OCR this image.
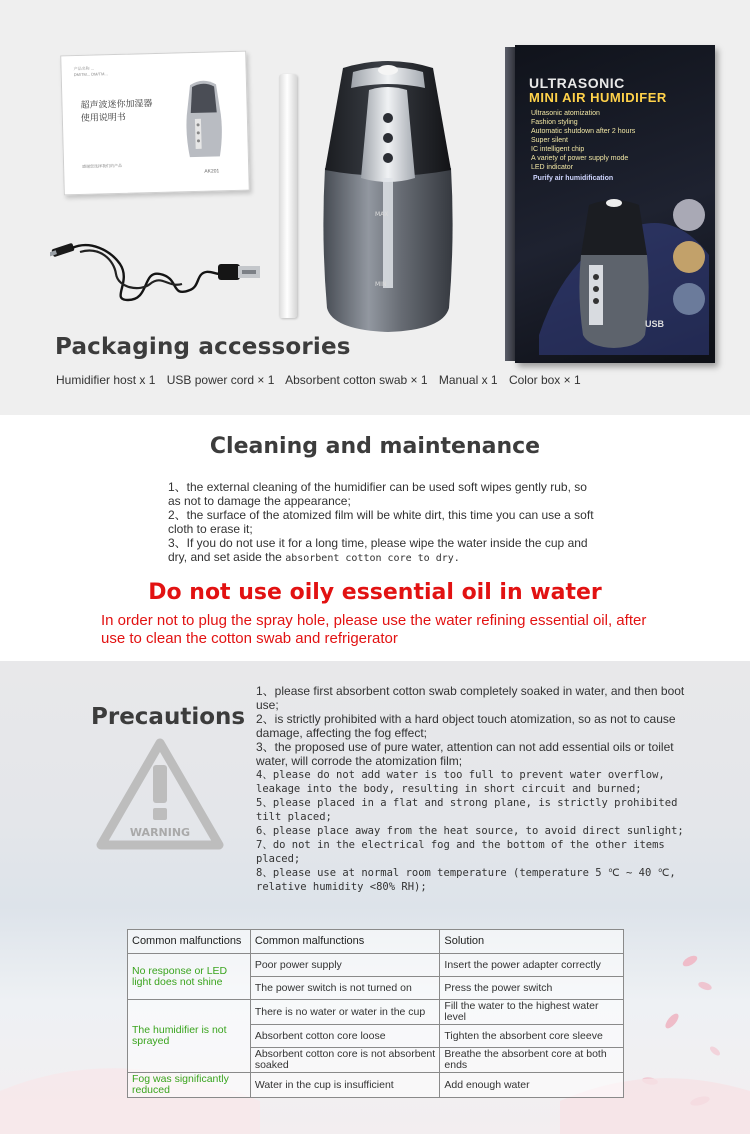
产品名称 ...
DM/TM... DM/TM...
超声波迷你加湿器
使用说明书
感谢您选择我们的产品
AK201
MAX
MIN
ULTRASONIC
MINI AIR HUMIDIFER
Ultrasonic atomization
Fashion styling
Automatic shutdown after 2 hours
Super silent
IC intelligent chip
A variety of power supply mode
LED indicator
Purify air humidification
USB
Packaging accessories
Humidifier host x 1 USB power cord × 1 Absorbent cotton swab × 1 Manual x 1 Color box × 1
Cleaning and maintenance
1、the external cleaning of the humidifier can be used soft wipes gently rub, so as not to damage the appearance;
2、the surface of the atomized film will be white dirt, this time you can use a soft cloth to erase it;
3、If you do not use it for a long time, please wipe the water inside the cup and dry, and set aside the absorbent cotton core to dry.
Do not use oily essential oil in water
In order not to plug the spray hole, please use the water refining essential oil, after use to clean the cotton swab and refrigerator
Precautions
WARNING
1、please first absorbent cotton swab completely soaked in water, and then boot use;
2、is strictly prohibited with a hard object touch atomization, so as not to cause damage, affecting the fog effect;
3、the proposed use of pure water, attention can not add essential oils or toilet water, will corrode the atomization film;
4、please do not add water is too full to prevent water overflow, leakage into the body, resulting in short circuit and burned;
5、please placed in a flat and strong plane, is strictly prohibited tilt placed;
6、please place away from the heat source, to avoid direct sunlight;
7、do not in the electrical fog and the bottom of the other items placed;
8、please use at normal room temperature (temperature 5 ℃ ~ 40 ℃, relative humidity <80% RH);
Common malfunctions	Common malfunctions	Solution
No response or LED light does not shine	Poor power supply	Insert the power adapter correctly
	The power switch is not turned on	Press the power switch
The humidifier is not sprayed	There is no water or water in the cup	Fill the water to the highest water level
	Absorbent cotton core loose	Tighten the absorbent core sleeve
	Absorbent cotton core is not absorbent soaked	Breathe the absorbent core at both ends
Fog was significantly reduced	Water in the cup is insufficient	Add enough water
